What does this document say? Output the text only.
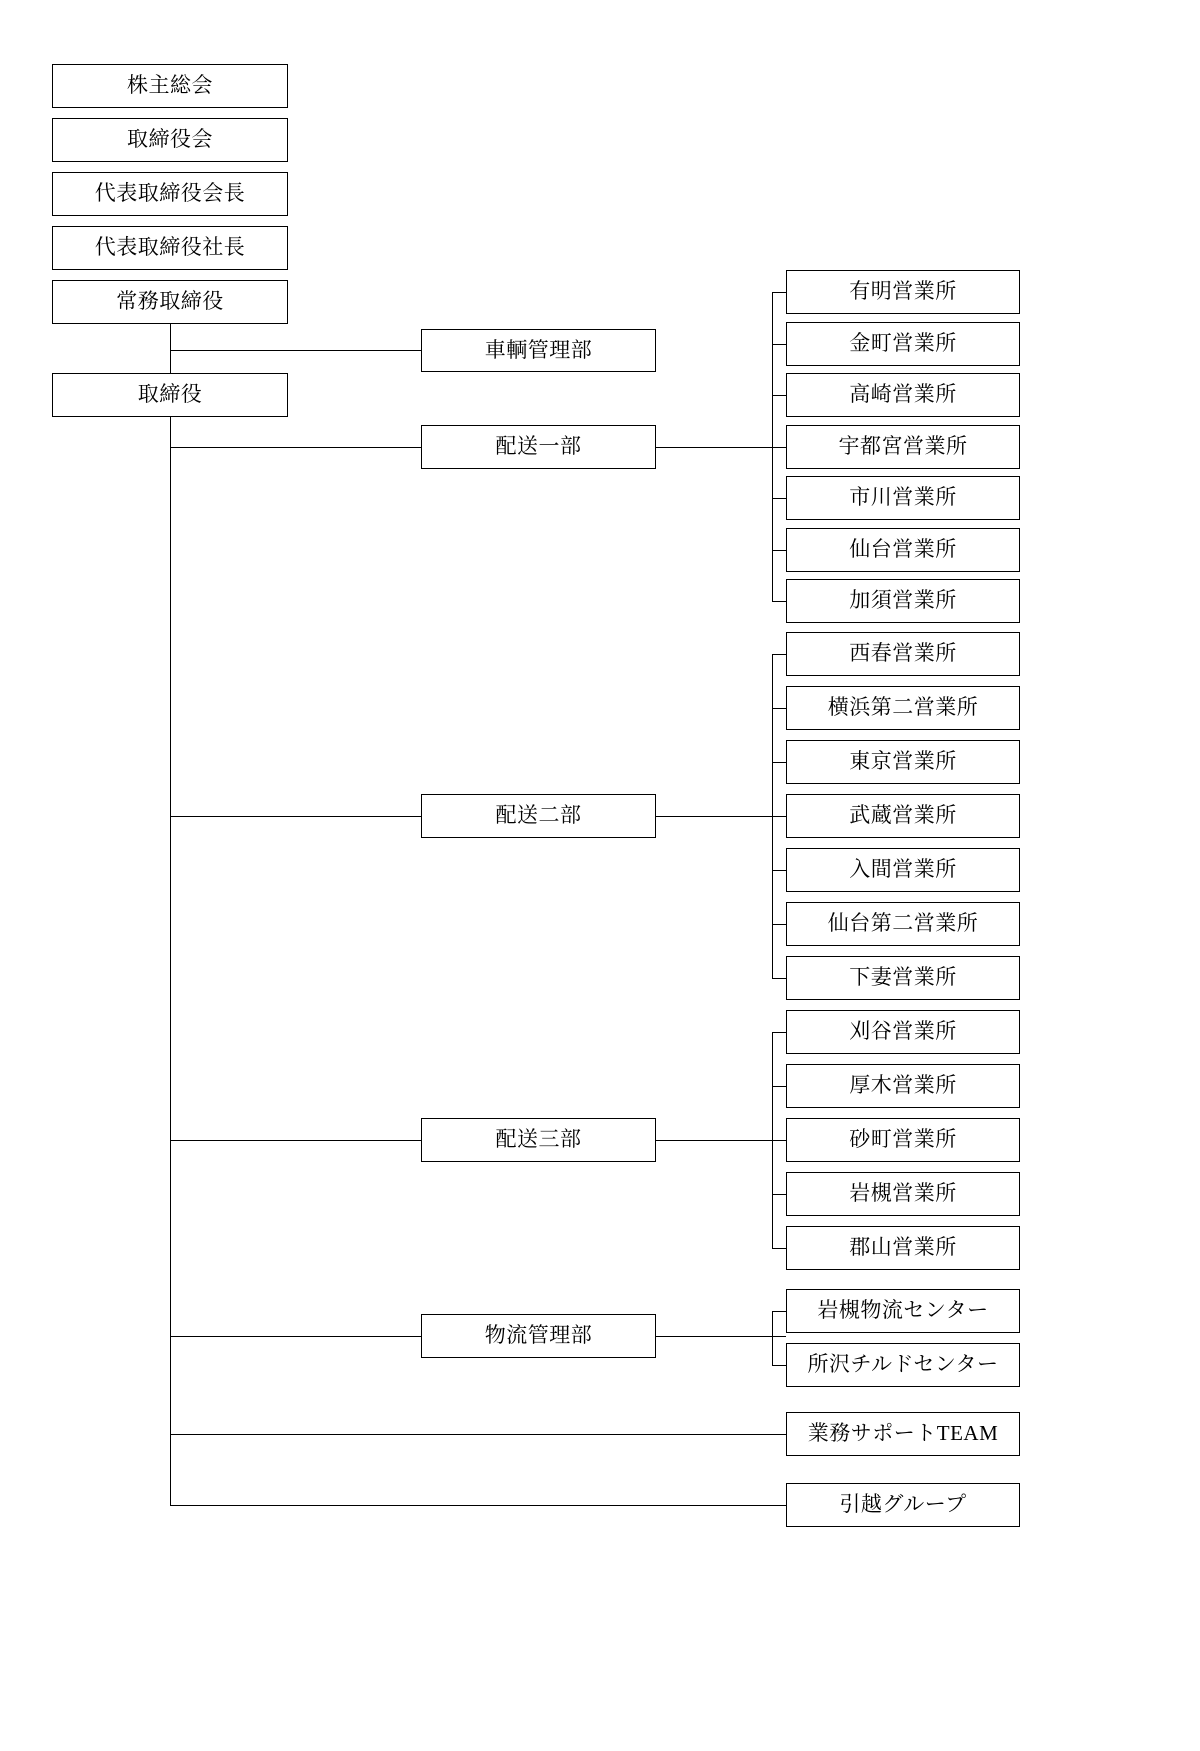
株主総会
取締役会
代表取締役会長
代表取締役社長
常務取締役
取締役
車輌管理部
配送一部
配送二部
配送三部
物流管理部
有明営業所
金町営業所
高崎営業所
宇都宮営業所
市川営業所
仙台営業所
加須営業所
西春営業所
横浜第二営業所
東京営業所
武蔵営業所
入間営業所
仙台第二営業所
下妻営業所
刈谷営業所
厚木営業所
砂町営業所
岩槻営業所
郡山営業所
岩槻物流センター
所沢チルドセンター
業務サポートTEAM
引越グループ
